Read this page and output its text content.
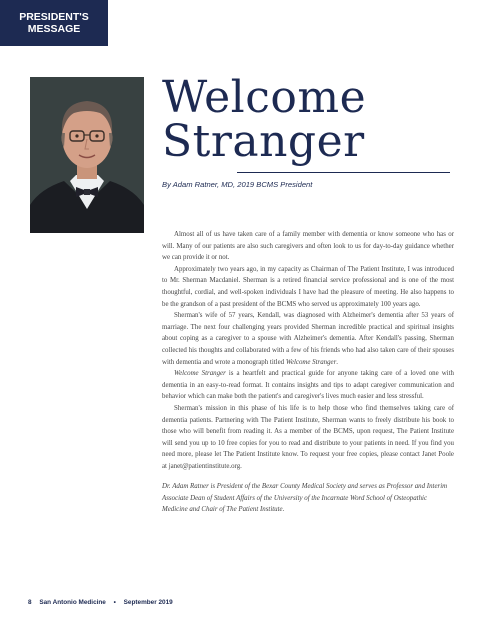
PRESIDENT'S
MESSAGE
Welcome
Stranger
By Adam Ratner, MD, 2019 BCMS President

Almost all of us have taken care of a family member with dementia or know someone who has or will. Many of our patients are also such caregivers and often look to us for day-to-day guidance whether we can provide it or not.

Approximately two years ago, in my capacity as Chairman of The Patient Institute, I was introduced to Mr. Sherman Macdaniel. Sherman is a retired financial service professional and is one of the most thoughtful, cordial, and well-spoken individuals I have had the pleasure of meeting. He also happens to be the grandson of a past president of the BCMS who served us approximately 100 years ago.

Sherman's wife of 57 years, Kendall, was diagnosed with Alzheimer's dementia after 53 years of marriage. The next four challenging years provided Sherman incredible practical and spiritual insights about coping as a caregiver to a spouse with Alzheimer's dementia. After Kendall's passing, Sherman collected his thoughts and collaborated with a few of his friends who had also taken care of their spouses with dementia and wrote a monograph titled Welcome Stranger.

Welcome Stranger is a heartfelt and practical guide for anyone taking care of a loved one with dementia in an easy-to-read format. It contains insights and tips to adapt caregiver communication and behavior which can make both the patient's and caregiver's lives much easier and less stressful.

Sherman's mission in this phase of his life is to help those who find themselves taking care of dementia patients. Partnering with The Patient Institute, Sherman wants to freely distribute his book to those who will benefit from reading it. As a member of the BCMS, upon request, The Patient Institute will send you up to 10 free copies for you to read and distribute to your patients in need. If you find you need more, please let The Patient Institute know. To request your free copies, please contact Janet Poole at janet@patientinstitute.org.

Dr. Adam Ratner is President of the Bexar County Medical Society and serves as Professor and Interim Associate Dean of Student Affairs of the University of the Incarnate Word School of Osteopathic Medicine and Chair of The Patient Institute.

8 San Antonio Medicine • September 2019
